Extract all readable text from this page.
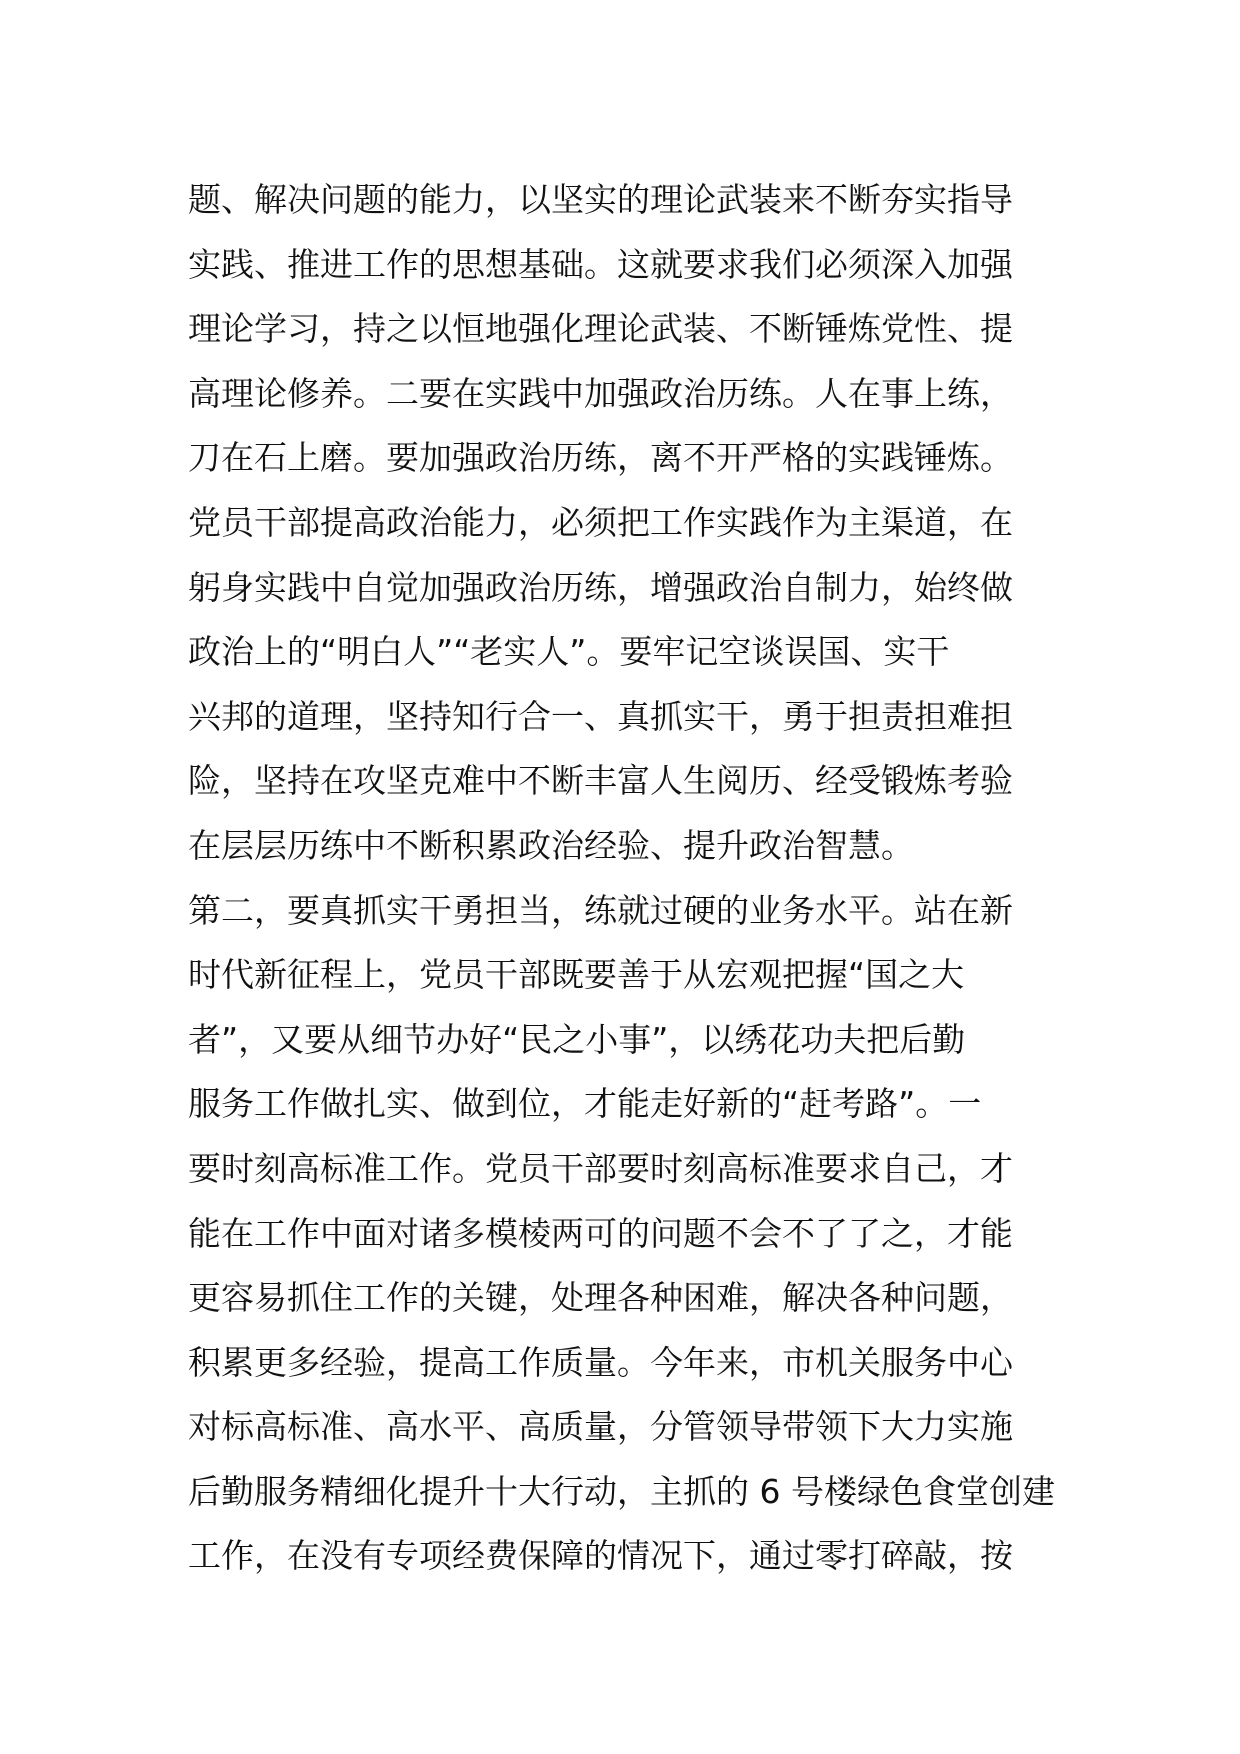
题、解决问题的能力，以坚实的理论武装来不断夯实指导
实践、推进工作的思想基础。这就要求我们必须深入加强
理论学习，持之以恒地强化理论武装、不断锤炼党性、提
高理论修养。二要在实践中加强政治历练。人在事上练，
刀在石上磨。要加强政治历练，离不开严格的实践锤炼。
党员干部提高政治能力，必须把工作实践作为主渠道，在
躬身实践中自觉加强政治历练，增强政治自制力，始终做
政治上的“明白人”“老实人”。要牢记空谈误国、实干
兴邦的道理，坚持知行合一、真抓实干，勇于担责担难担
险，坚持在攻坚克难中不断丰富人生阅历、经受锻炼考验
在层层历练中不断积累政治经验、提升政治智慧。
第二，要真抓实干勇担当，练就过硬的业务水平。站在新
时代新征程上，党员干部既要善于从宏观把握“国之大
者”，又要从细节办好“民之小事”，以绣花功夫把后勤
服务工作做扎实、做到位，才能走好新的“赶考路”。一
要时刻高标准工作。党员干部要时刻高标准要求自己，才
能在工作中面对诸多模棱两可的问题不会不了了之，才能
更容易抓住工作的关键，处理各种困难，解决各种问题，
积累更多经验，提高工作质量。今年来，市机关服务中心
对标高标准、高水平、高质量，分管领导带领下大力实施
后勤服务精细化提升十大行动，主抓的 6 号楼绿色食堂创建
工作，在没有专项经费保障的情况下，通过零打碎敲，按
